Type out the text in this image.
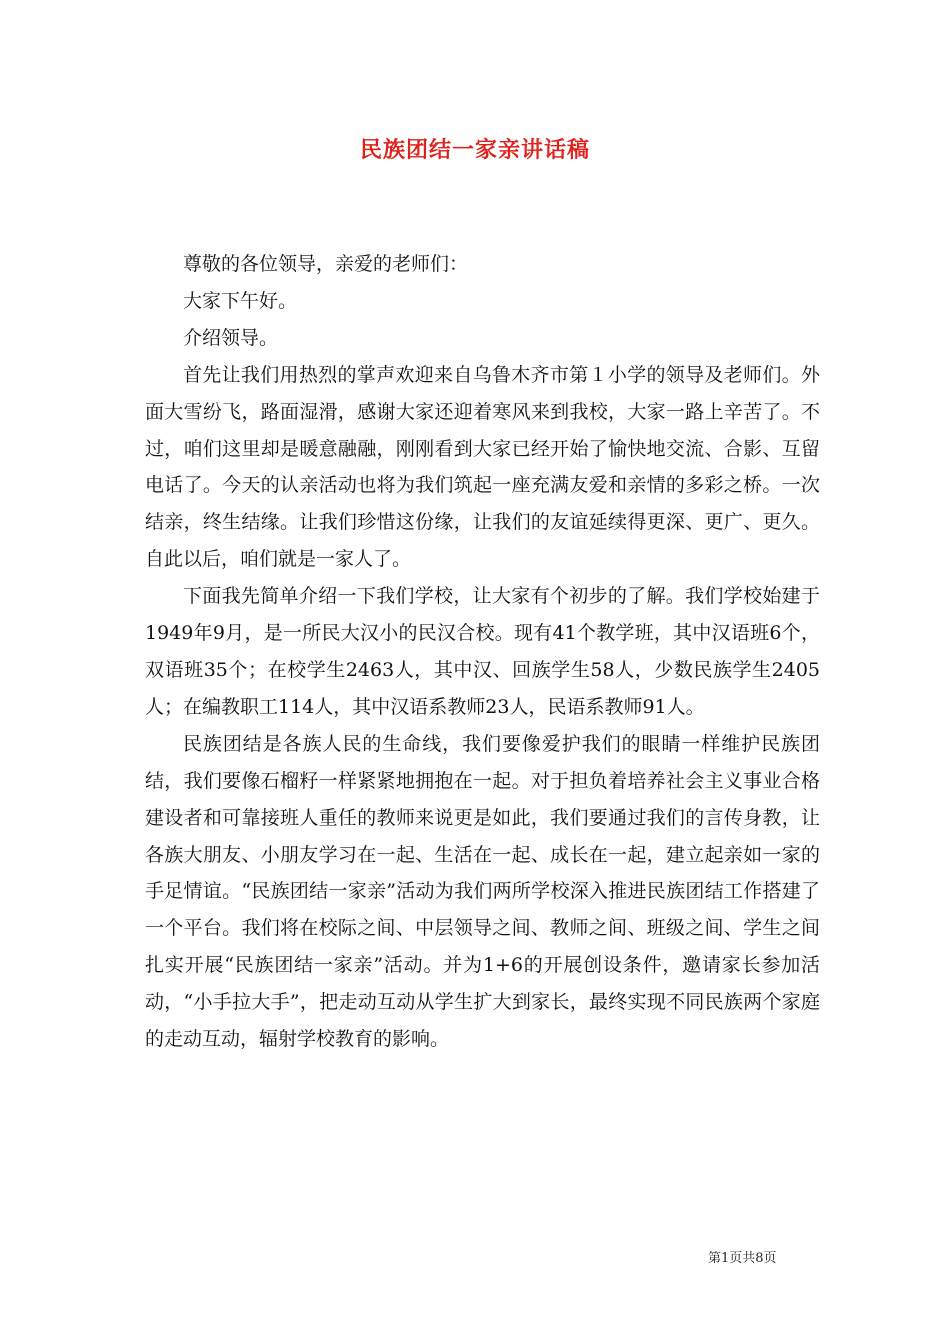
民族团结一家亲讲话稿

尊敬的各位领导，亲爱的老师们：

大家下午好。

介绍领导。

首先让我们用热烈的掌声欢迎来自乌鲁木齐市第１小学的领导及老师们。外面大雪纷飞，路面湿滑，感谢大家还迎着寒风来到我校，大家一路上辛苦了。不过，咱们这里却是暖意融融，刚刚看到大家已经开始了愉快地交流、合影、互留电话了。今天的认亲活动也将为我们筑起一座充满友爱和亲情的多彩之桥。一次结亲，终生结缘。让我们珍惜这份缘，让我们的友谊延续得更深、更广、更久。自此以后，咱们就是一家人了。

下面我先简单介绍一下我们学校，让大家有个初步的了解。我们学校始建于1949年9月，是一所民大汉小的民汉合校。现有41个教学班，其中汉语班6个，双语班35个；在校学生2463人，其中汉、回族学生58人，少数民族学生2405人；在编教职工114人，其中汉语系教师23人，民语系教师91人。

民族团结是各族人民的生命线，我们要像爱护我们的眼睛一样维护民族团结，我们要像石榴籽一样紧紧地拥抱在一起。对于担负着培养社会主义事业合格建设者和可靠接班人重任的教师来说更是如此，我们要通过我们的言传身教，让各族大朋友、小朋友学习在一起、生活在一起、成长在一起，建立起亲如一家的手足情谊。“民族团结一家亲”活动为我们两所学校深入推进民族团结工作搭建了一个平台。我们将在校际之间、中层领导之间、教师之间、班级之间、学生之间扎实开展“民族团结一家亲”活动。并为1+6的开展创设条件，邀请家长参加活动，“小手拉大手”，把走动互动从学生扩大到家长，最终实现不同民族两个家庭的走动互动，辐射学校教育的影响。

第1页共8页
